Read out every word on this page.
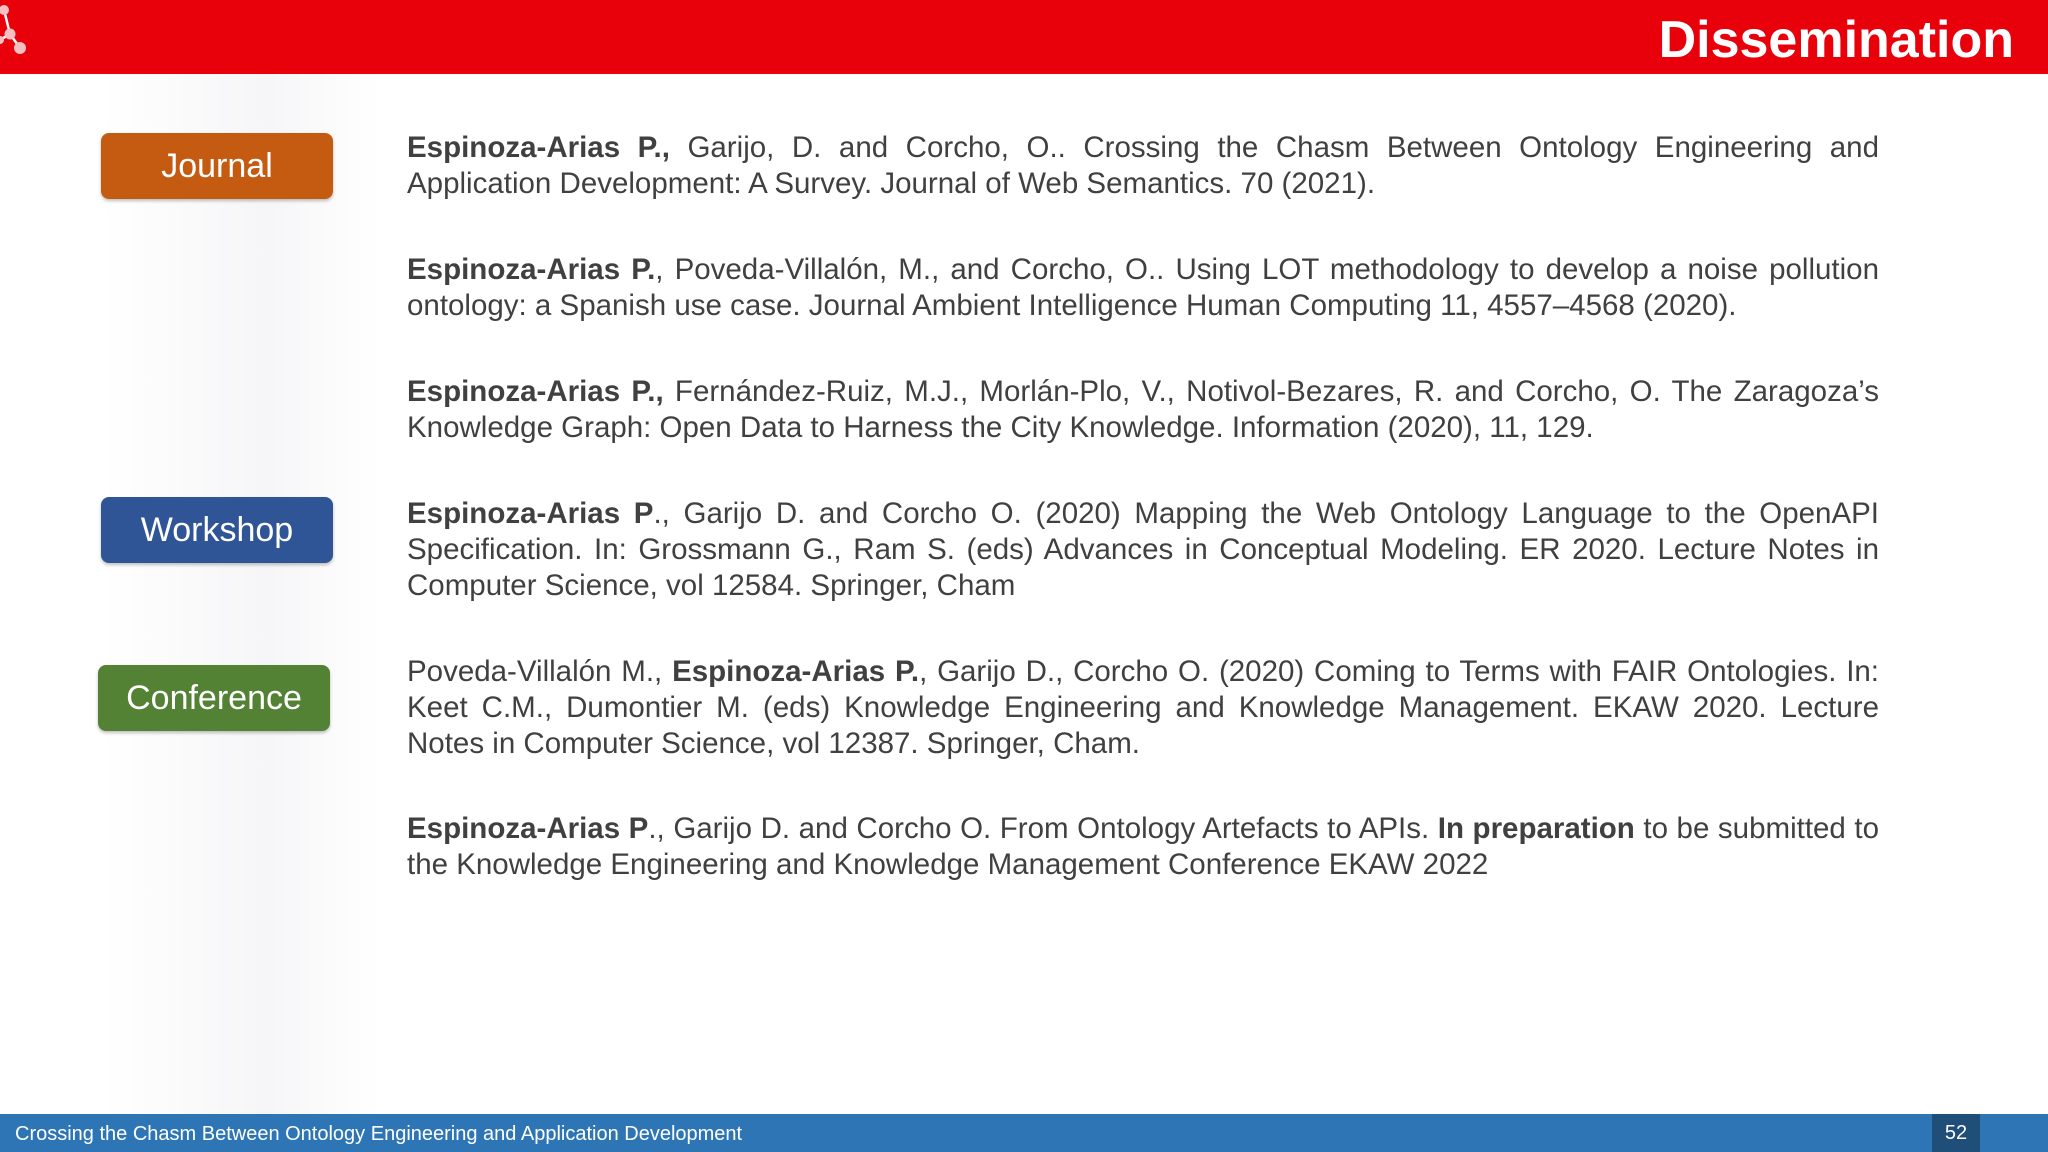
Dissemination
Journal
Workshop
Conference
Espinoza-Arias P., Garijo, D. and Corcho, O.. Crossing the Chasm Between Ontology Engineering and Application Development: A Survey. Journal of Web Semantics. 70 (2021).
Espinoza-Arias P., Poveda-Villalón, M., and Corcho, O.. Using LOT methodology to develop a noise pollution ontology: a Spanish use case. Journal Ambient Intelligence Human Computing 11, 4557–4568 (2020).
Espinoza-Arias P., Fernández-Ruiz, M.J., Morlán-Plo, V., Notivol-Bezares, R. and Corcho, O. The Zaragoza’s Knowledge Graph: Open Data to Harness the City Knowledge. Information (2020), 11, 129.
Espinoza-Arias P., Garijo D. and Corcho O. (2020) Mapping the Web Ontology Language to the OpenAPI Specification. In: Grossmann G., Ram S. (eds) Advances in Conceptual Modeling. ER 2020. Lecture Notes in Computer Science, vol 12584. Springer, Cham
Poveda-Villalón M., Espinoza-Arias P., Garijo D., Corcho O. (2020) Coming to Terms with FAIR Ontologies. In: Keet C.M., Dumontier M. (eds) Knowledge Engineering and Knowledge Management. EKAW 2020. Lecture Notes in Computer Science, vol 12387. Springer, Cham.
Espinoza-Arias P., Garijo D. and Corcho O. From Ontology Artefacts to APIs. In preparation to be submitted to the Knowledge Engineering and Knowledge Management Conference EKAW 2022
Crossing the Chasm Between Ontology Engineering and Application Development	52
